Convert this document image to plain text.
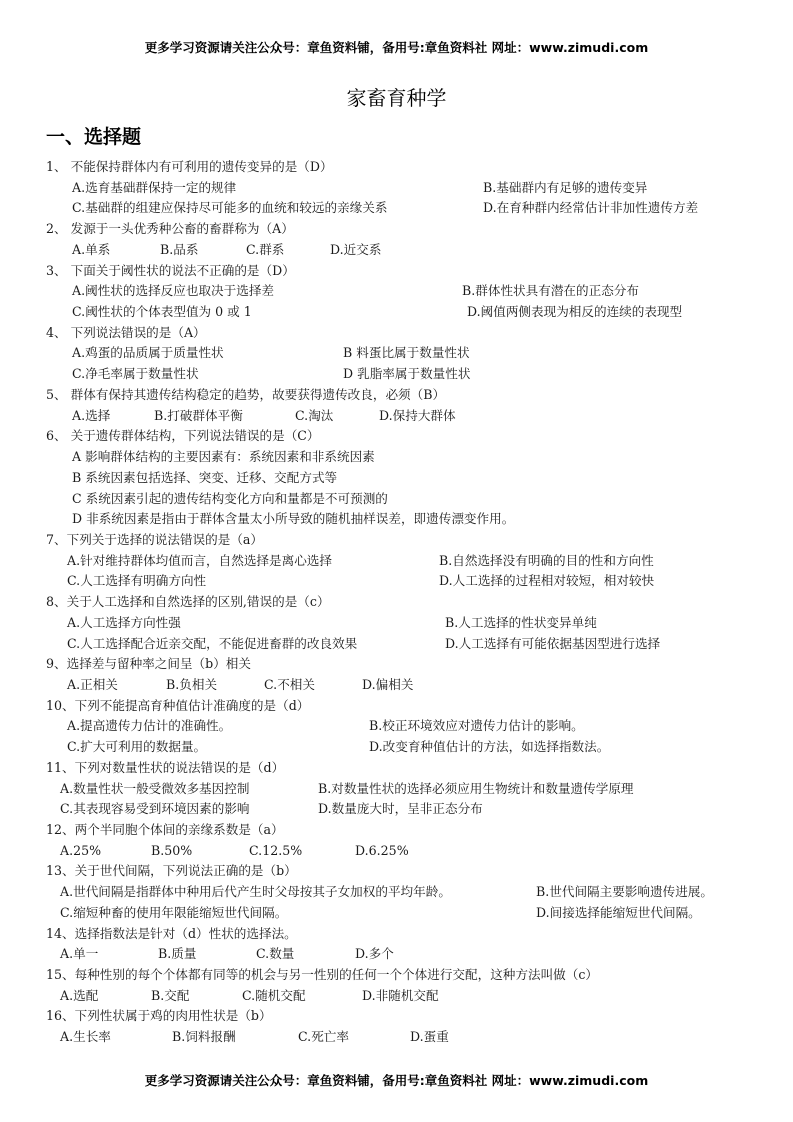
更多学习资源请关注公众号：章鱼资料铺，备用号:章鱼资料社 网址：www.zimudi.com
家畜育种学
一、选择题
1、 不能保持群体内有可利用的遗传变异的是（D）
A.选育基础群保持一定的规律	B.基础群内有足够的遗传变异
C.基础群的组建应保持尽可能多的血统和较远的亲缘关系	D.在育种群内经常估计非加性遗传方差
2、 发源于一头优秀种公畜的畜群称为（A）
A.单系	B.品系	C.群系	D.近交系
3、 下面关于阈性状的说法不正确的是（D）
A.阈性状的选择反应也取决于选择差	B.群体性状具有潜在的正态分布
C.阈性状的个体表型值为 0 或 1	D.阈值两侧表现为相反的连续的表现型
4、 下列说法错误的是（A）
A.鸡蛋的品质属于质量性状	B 料蛋比属于数量性状
C.净毛率属于数量性状	D 乳脂率属于数量性状
5、 群体有保持其遗传结构稳定的趋势，故要获得遗传改良，必须（B）
A.选择	B.打破群体平衡	C.淘汰	D.保持大群体
6、 关于遗传群体结构，下列说法错误的是（C）
A 影响群体结构的主要因素有：系统因素和非系统因素
B 系统因素包括选择、突变、迁移、交配方式等
C 系统因素引起的遗传结构变化方向和量都是不可预测的
D 非系统因素是指由于群体含量太小所导致的随机抽样误差，即遗传漂变作用。
7、下列关于选择的说法错误的是（a）
A.针对维持群体均值而言，自然选择是离心选择	B.自然选择没有明确的目的性和方向性
C.人工选择有明确方向性	D.人工选择的过程相对较短，相对较快
8、关于人工选择和自然选择的区别,错误的是（c）
A.人工选择方向性强	B.人工选择的性状变异单纯
C.人工选择配合近亲交配，不能促进畜群的改良效果	D.人工选择有可能依据基因型进行选择
9、选择差与留种率之间呈（b）相关
A.正相关	B.负相关	C.不相关	D.偏相关
10、下列不能提高育种值估计准确度的是（d）
A.提高遗传力估计的准确性。	B.校正环境效应对遗传力估计的影响。
C.扩大可利用的数据量。	D.改变育种值估计的方法，如选择指数法。
11、下列对数量性状的说法错误的是（d）
A.数量性状一般受微效多基因控制	B.对数量性状的选择必须应用生物统计和数量遗传学原理
C.其表现容易受到环境因素的影响	D.数量庞大时，呈非正态分布
12、两个半同胞个体间的亲缘系数是（a）
A.25%	B.50%	C.12.5%	D.6.25%
13、关于世代间隔，下列说法正确的是（b）
A.世代间隔是指群体中种用后代产生时父母按其子女加权的平均年龄。	B.世代间隔主要影响遗传进展。
C.缩短种畜的使用年限能缩短世代间隔。	D.间接选择能缩短世代间隔。
14、选择指数法是针对（d）性状的选择法。
A.单一	B.质量	C.数量	D.多个
15、每种性别的每个个体都有同等的机会与另一性别的任何一个个体进行交配，这种方法叫做（c）
A.选配	B.交配	C.随机交配	D.非随机交配
16、下列性状属于鸡的肉用性状是（b）
A.生长率	B.饲料报酬	C.死亡率	D.蛋重
更多学习资源请关注公众号：章鱼资料铺，备用号:章鱼资料社 网址：www.zimudi.com
